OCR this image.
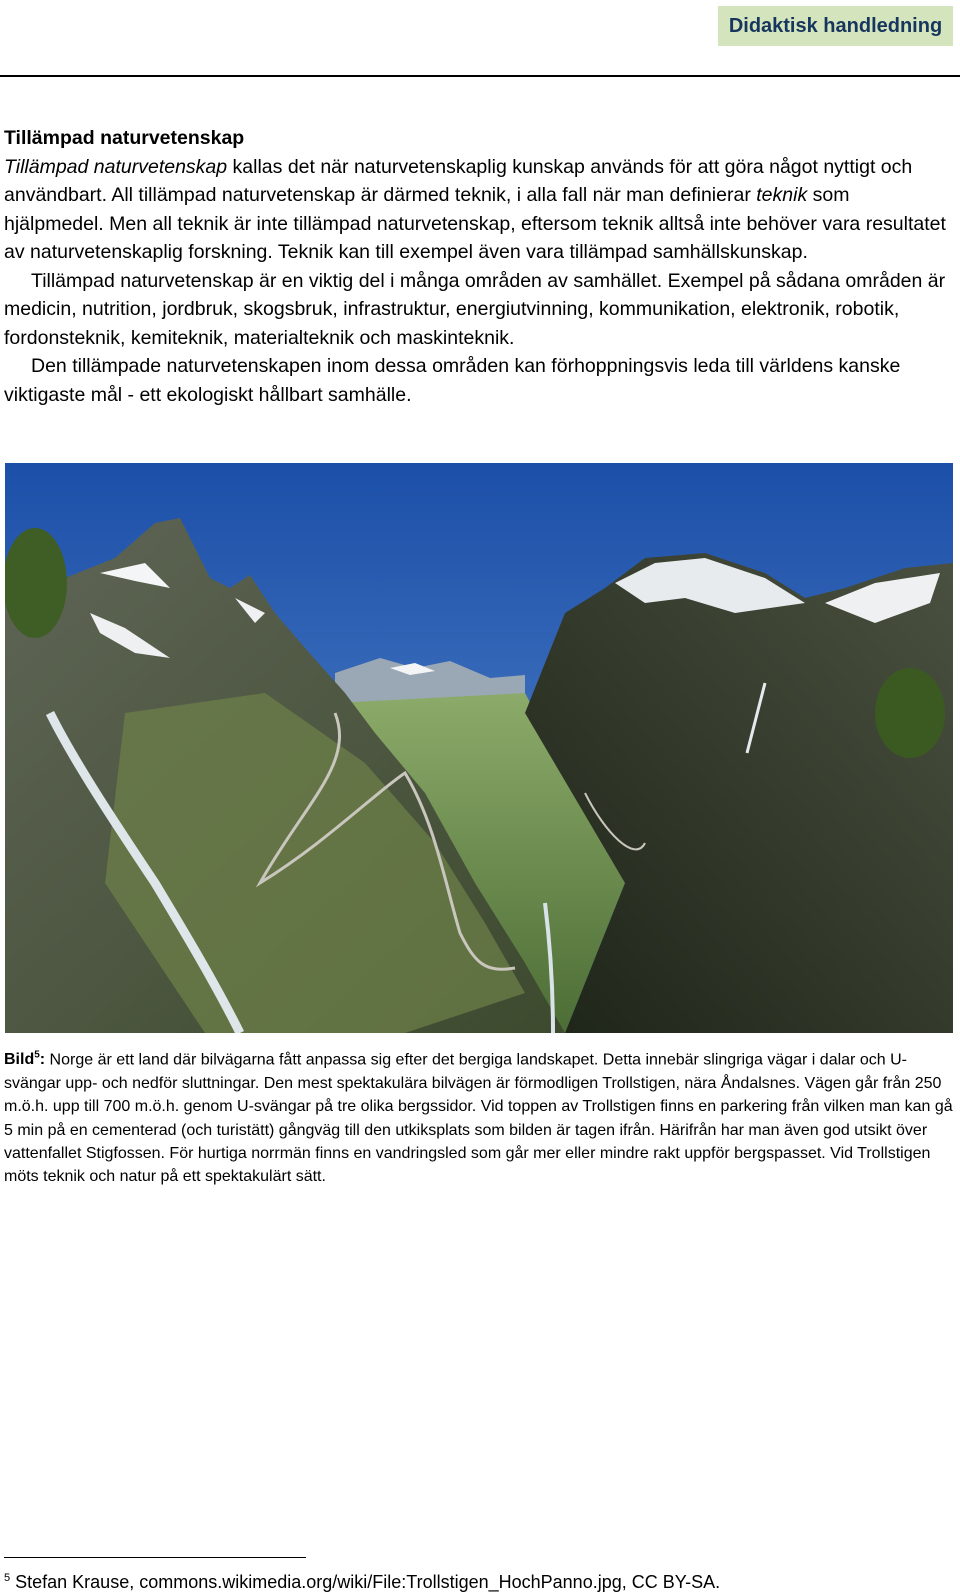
Didaktisk handledning

Tillämpad naturvetenskap

Tillämpad naturvetenskap kallas det när naturvetenskaplig kunskap används för att göra något nyttigt och användbart. All tillämpad naturvetenskap är därmed teknik, i alla fall när man definierar teknik som hjälpmedel. Men all teknik är inte tillämpad naturvetenskap, eftersom teknik alltså inte behöver vara resultatet av naturvetenskaplig forskning. Teknik kan till exempel även vara tillämpad samhällskunskap.

Tillämpad naturvetenskap är en viktig del i många områden av samhället. Exempel på sådana områden är medicin, nutrition, jordbruk, skogsbruk, infrastruktur, energiutvinning, kommunikation, elektronik, robotik, fordonsteknik, kemiteknik, materialteknik och maskinteknik.

Den tillämpade naturvetenskapen inom dessa områden kan förhoppningsvis leda till världens kanske viktigaste mål - ett ekologiskt hållbart samhälle.

Bild$^5$: Norge är ett land där bilvägarna fått anpassa sig efter det bergiga landskapet. Detta innebär slingriga vägar i dalar och U-svängar upp- och nedför sluttningar. Den mest spektakulära bilvägen är förmodligen Trollstigen, nära Åndalsnes. Vägen går från 250 m.ö.h. upp till 700 m.ö.h. genom U-svängar på tre olika bergssidor. Vid toppen av Trollstigen finns en parkering från vilken man kan gå 5 min på en cementerad (och turistätt) gångväg till den utkiksplats som bilden är tagen ifrån. Härifrån har man även god utsikt över vattenfallet Stigfossen. För hurtiga norrmän finns en vandringsled som går mer eller mindre rakt uppför bergspasset. Vid Trollstigen möts teknik och natur på ett spektakulärt sätt.

$^5$ Stefan Krause, commons.wikimedia.org/wiki/File:Trollstigen_HochPanno.jpg, CC BY-SA.
